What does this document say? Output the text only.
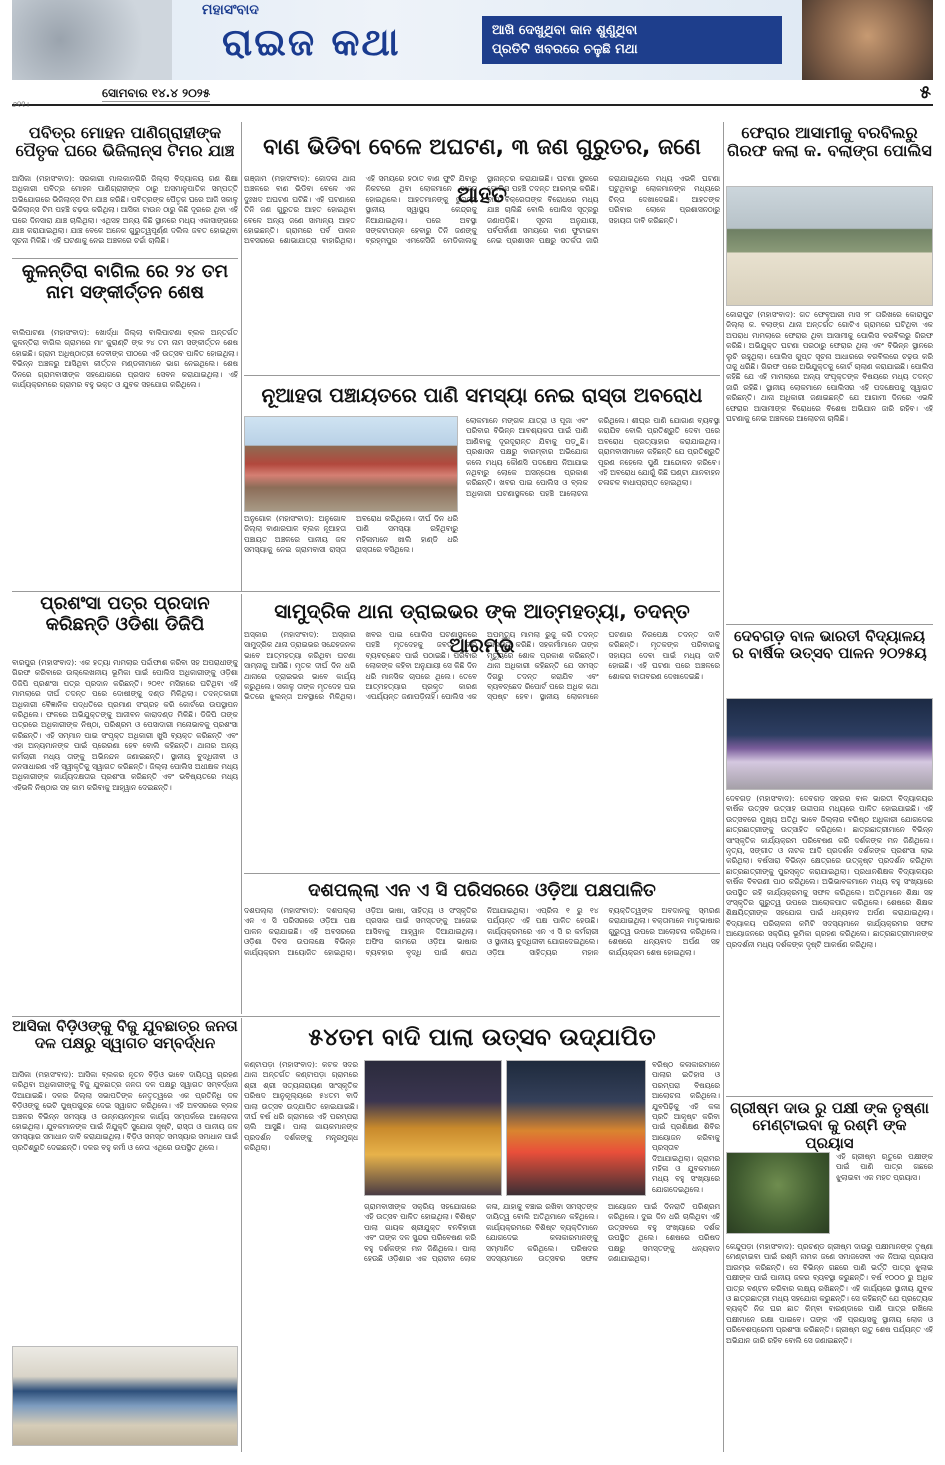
ମହାସଂବାଦ
ରାଇଜ କଥା	ଆଖି ଦେଖୁଥିବା କାନ ଶୁଣୁଥିବା
ପ୍ରତିଟି ଖବରରେ ଚଳୁଛି ମଥା
୬୧୧।
ସୋମବାର ୧୪.୪ ୨୦୨୫	୫
ପବିତ୍ର ମୋହନ ପାଣିଗ୍ରାହୀଙ୍କ ପୈତୃକ ଘରେ ଭିଜିଲାନ୍ସ ଟିମର ଯାଞ୍ଚ
ଆସିକା (ମହାସଂବାଦ): ସରକାରୀ ମାଲକାନଗିରି ଜିଲ୍ଲା ବିଦ୍ୟାଳୟ ଗଣ ଶିକ୍ଷା ଅଧିକାରୀ ପବିତ୍ର ମୋହନ ପାଣିଗ୍ରାହୀଙ୍କ ଠାରୁ ଅସମାନୁପାତିକ ସମ୍ପତ୍ତି ଅଭିଯୋଗରେ ଭିଜିଲାନ୍ସ ଟିମ ଯାଞ୍ଚ କରିଛି। ପବିତ୍ରଙ୍କ ପୈତୃକ ଘରେ ଆଜି ସକାଳୁ ଭିଜିଲାନ୍ସ ଟିମ ପହଞ୍ଚି ଚଢ଼ଉ କରିଥିଲା। ଆସିକା ଟାଉନ ଠାରୁ କିଛି ଦୂରରେ ଥିବା ଏହି ଘରେ ଦିନସାରା ଯାଞ୍ଚ ଚାଲିଥିଲା। ଏଥିସହ ଅନ୍ୟ କିଛି ସ୍ଥାନରେ ମଧ୍ୟ ଏକାସାଙ୍ଗରେ ଯାଞ୍ଚ କରାଯାଇଥିଲା। ଯାଞ୍ଚ ବେଳେ ଅନେକ ଗୁରୁତ୍ୱପୂର୍ଣ୍ଣ ଦଲିଲ ଜବତ ହୋଇଥିବା ସୂଚନା ମିଳିଛି। ଏହି ଘଟଣାକୁ ନେଇ ଅଞ୍ଚଳରେ ଚର୍ଚ୍ଚା ଚାଲିଛି।
ବାଣ ଭିଡିବା ବେଳେ ଅଘଟଣ, ୩ ଜଣ ଗୁରୁତର, ଜଣେ ଆହତ
ଗଞ୍ଜାମ (ମହାସଂବାଦ): କୋଦଳା ଥାନା ଅଞ୍ଚଳରେ ବାଣ ଭିଡିବା ବେଳେ ଏକ ଦୁଃଖଦ ଅଘଟଣ ଘଟିଛି। ଏହି ଘଟଣାରେ ତିନି ଜଣ ଗୁରୁତର ଆହତ ହୋଇଥିବା ବେଳେ ଅନ୍ୟ ଜଣେ ସାମାନ୍ୟ ଆହତ ହୋଇଛନ୍ତି। ଗ୍ରାମରେ ପର୍ବ ପାଳନ ଅବସରରେ ଶୋଭାଯାତ୍ରା ବାହାରିଥିଲା। ଏହି ସମୟରେ ହଠାତ ବାଣ ଫୁଟି ଯିବାରୁ ନିକଟରେ ଥିବା ଲୋକମାନେ ଆହତ ହୋଇଥିଲେ। ଆହତମାନଙ୍କୁ ତୁରନ୍ତ ସ୍ଥାନୀୟ ସ୍ୱାସ୍ଥ୍ୟ କେନ୍ଦ୍ରକୁ ନିଆଯାଇଥିଲା। ପରେ ଅବସ୍ଥା ସଙ୍କଟାପନ୍ନ ହେବାରୁ ତିନି ଜଣଙ୍କୁ ବ୍ରହ୍ମପୁର ଏମକେସିଜି ମେଡିକାଲକୁ ସ୍ଥାନାନ୍ତର କରାଯାଇଛି। ଘଟଣା ସ୍ଥଳରେ ପୋଲିସ ପହଞ୍ଚି ତଦନ୍ତ ଆରମ୍ଭ କରିଛି। ବାଣ ବିକ୍ରେତାଙ୍କ ବିରୋଧରେ ମଧ୍ୟ ଯାଞ୍ଚ ଚାଲିଛି ବୋଲି ପୋଲିସ ସୂତ୍ରରୁ ଜଣାପଡ଼ିଛି। ସୂଚନା ଅନୁଯାୟୀ, ପର୍ବପର୍ବାଣୀ ସମୟରେ ବାଣ ଫୁଟାଇବା ନେଇ ପ୍ରଶାସନ ପକ୍ଷରୁ ସତର୍କତା ଜାରି କରାଯାଇଥିଲେ ମଧ୍ୟ ଏଭଳି ଘଟଣା ଘଟୁଥିବାରୁ ଲୋକମାନଙ୍କ ମଧ୍ୟରେ ଚିନ୍ତା ଦେଖାଦେଇଛି। ଆହତଙ୍କ ପରିବାର ଲୋକେ ପ୍ରଶାସନଠାରୁ ସହାୟତା ଦାବି କରିଛନ୍ତି।
ଫେରାର ଆସାମୀକୁ ବରବିଲରୁ ଗିରଫ କଲା କ. ବଲାଙ୍ଗ ପୋଲିସ
କୋରାପୁଟ (ମହାସଂବାଦ): ଗତ ଫେବୃଆରୀ ମାସ ୨୮ ତାରିଖରେ କୋରାପୁଟ ଜିଲ୍ଲା କ. ବଲାଙ୍ଗ ଥାନା ଅନ୍ତର୍ଗତ ଗୋଟିଏ ଗ୍ରାମରେ ଘଟିଥିବା ଏକ ଅପରାଧ ମାମଲାରେ ଫେରାର ଥିବା ଆସାମୀକୁ ପୋଲିସ ବରବିଲରୁ ଗିରଫ କରିଛି। ଅଭିଯୁକ୍ତ ଘଟଣା ପରଠାରୁ ଫେରାର ଥିଲା ଏବଂ ବିଭିନ୍ନ ସ୍ଥାନରେ ଲୁଚି ରହୁଥିଲା। ପୋଲିସ ଗୁପ୍ତ ସୂଚନା ଆଧାରରେ ବରବିଲରେ ଚଢ଼ଉ କରି ତାକୁ ଧରିଛି। ଗିରଫ ପରେ ଅଭିଯୁକ୍ତକୁ କୋର୍ଟ ଚାଲାଣ କରାଯାଇଛି। ପୋଲିସ କହିଛି ଯେ ଏହି ମାମଲାରେ ଅନ୍ୟ ସଂପୃକ୍ତଙ୍କ ବିଷୟରେ ମଧ୍ୟ ତଦନ୍ତ ଜାରି ରହିଛି। ସ୍ଥାନୀୟ ଲୋକମାନେ ପୋଲିସର ଏହି ପଦକ୍ଷେପକୁ ସ୍ୱାଗତ କରିଛନ୍ତି। ଥାନା ଅଧିକାରୀ ଜଣାଇଛନ୍ତି ଯେ ଆଗାମୀ ଦିନରେ ଏଭଳି ଫେରାର ଆସାମୀଙ୍କ ବିରୋଧରେ ବିଶେଷ ଅଭିଯାନ ଜାରି ରହିବ। ଏହି ଘଟଣାକୁ ନେଇ ଅଞ୍ଚଳରେ ଆଲୋଚନା ଚାଲିଛି।
କୁଳନ୍ତିରା ବାଗିଲ ରେ ୨୪ ତମ ନାମ ସଙ୍କୀର୍ତ୍ତନ ଶେଷ
ବାଲିପାଟଣା (ମହାସଂବାଦ): ଖୋର୍ଦ୍ଧା ଜିଲ୍ଲା ବାଲିପାଟଣା ବ୍ଲକ ଅନ୍ତର୍ଗତ କୁଳନ୍ତିରା ବାଗିଲ ଗ୍ରାମରେ ମା' କୁରାଣ୍ଟି ଙ୍କ ୨୪ ତମ ନାମ ସଙ୍କୀର୍ତ୍ତନ ଶେଷ ହୋଇଛି। ଗ୍ରାମ ଅଧିଷ୍ଠାତ୍ରୀ ଦେବୀଙ୍କ ପୀଠରେ ଏହି ଉତ୍ସବ ପାଳିତ ହୋଇଥିଲା। ବିଭିନ୍ନ ଅଞ୍ଚଳରୁ ଆସିଥିବା କୀର୍ତ୍ତନ ମଣ୍ଡଳୀମାନେ ଭାଗ ନେଇଥିଲେ। ଶେଷ ଦିନରେ ଗ୍ରାମବାସୀଙ୍କ ସହଯୋଗରେ ପ୍ରସାଦ ସେବନ କରାଯାଇଥିଲା। ଏହି କାର୍ଯ୍ୟକ୍ରମରେ ଗ୍ରାମର ବହୁ ଭକ୍ତ ଓ ଯୁବକ ସହଯୋଗ କରିଥିଲେ।	ନୂଆହତା ପଞ୍ଚାୟତରେ ପାଣି ସମସ୍ୟା ନେଇ ରାସ୍ତା ଅବରୋଧ
ଅନୁଗୋଳ (ମହାସଂବାଦ): ଅନୁଗୋଳ ଜିଲ୍ଲା ବାଣାରପାଳ ବ୍ଲକ ନୂଆହତା ପଞ୍ଚାୟତ ଅଞ୍ଚଳରେ ପାନୀୟ ଜଳ ସମସ୍ୟାକୁ ନେଇ ଗ୍ରାମବାସୀ ରାସ୍ତା ଅବରୋଧ କରିଥିଲେ। ଦୀର୍ଘ ଦିନ ଧରି ପାଣି ସମସ୍ୟା ରହିଥିବାରୁ ମହିଳାମାନେ ଖାଲି ହାଣ୍ଡି ଧରି ରାସ୍ତାରେ ବସିଥିଲେ।
ଲୋକମାନେ ମଙ୍ଗଳ ଯାତ୍ରା ଓ ପୂଜା ଏବଂ ପରିବାର ବିଭିନ୍ନ ଆବଶ୍ୟକତା ପାଇଁ ପାଣି ଆଣିବାକୁ ଦୂରଦୂରାନ୍ତ ଯିବାକୁ ପଡ଼ୁଛି। ପ୍ରଶାସନ ପକ୍ଷରୁ ବାରମ୍ବାର ଅଭିଯୋଗ କଲେ ମଧ୍ୟ କୌଣସି ପଦକ୍ଷେପ ନିଆଯାଇ ନଥିବାରୁ ଲୋକେ ଅସନ୍ତୋଷ ପ୍ରକାଶ କରିଛନ୍ତି। ଖବର ପାଇ ପୋଲିସ ଓ ବ୍ଲକ ଅଧିକାରୀ ଘଟଣାସ୍ଥଳରେ ପହଞ୍ଚି ଆଲୋଚନା କରିଥିଲେ। ଶୀଘ୍ର ପାଣି ଯୋଗାଣ ବ୍ୟବସ୍ଥା କରାଯିବ ବୋଲି ପ୍ରତିଶ୍ରୁତି ଦେବା ପରେ ଅବରୋଧ ପ୍ରତ୍ୟାହାର କରାଯାଇଥିଲା। ଗ୍ରାମବାସୀମାନେ କହିଛନ୍ତି ଯେ ପ୍ରତିଶ୍ରୁତି ପୂରଣ ନହେଲେ ପୁଣି ଆନ୍ଦୋଳନ କରିବେ। ଏହି ଅବରୋଧ ଯୋଗୁଁ କିଛି ଘଣ୍ଟା ଯାନବାହନ ଚଳାଚଳ ବାଧାପ୍ରାପ୍ତ ହୋଇଥିଲା।
ପ୍ରଶଂସା ପତ୍ର ପ୍ରଦାନ କରିଛନ୍ତି ଓଡିଶା ଡିଜିପି
ବାରପୁର (ମହାସଂବାଦ): ଏକ ହତ୍ୟା ମାମଲାର ପର୍ଦ୍ଦାଫାଶ କରିବା ସହ ଅପରାଧୀଙ୍କୁ ଗିରଫ କରିବାରେ ଉଲ୍ଲେଖନୀୟ ଭୂମିକା ପାଇଁ ପୋଲିସ ଅଧିକାରୀଙ୍କୁ ଓଡ଼ିଶା ଡିଜିପି ପ୍ରଶଂସା ପତ୍ର ପ୍ରଦାନ କରିଛନ୍ତି। ୨୦୧୯ ମସିହାରେ ଘଟିଥିବା ଏହି ମାମଲାରେ ଦୀର୍ଘ ତଦନ୍ତ ପରେ ଦୋଷୀଙ୍କୁ ଦଣ୍ଡ ମିଳିଥିଲା। ତଦନ୍ତକାରୀ ଅଧିକାରୀ ବୈଜ୍ଞାନିକ ପଦ୍ଧତିରେ ପ୍ରମାଣ ସଂଗ୍ରହ କରି କୋର୍ଟରେ ଉପସ୍ଥାପନ କରିଥିଲେ। ଫଳରେ ଅଭିଯୁକ୍ତଙ୍କୁ ଆଜୀବନ କାରାଦଣ୍ଡ ମିଳିଛି। ଡିଜିପି ତାଙ୍କ ପତ୍ରରେ ଅଧିକାରୀଙ୍କ ନିଷ୍ଠା, ପରିଶ୍ରମ ଓ ପେସାଦାରୀ ମନୋଭାବକୁ ପ୍ରଶଂସା କରିଛନ୍ତି। ଏହି ସମ୍ମାନ ପାଇ ସଂପୃକ୍ତ ଅଧିକାରୀ ଖୁସି ବ୍ୟକ୍ତ କରିଛନ୍ତି ଏବଂ ଏହା ଅନ୍ୟମାନଙ୍କ ପାଇଁ ପ୍ରେରଣା ହେବ ବୋଲି କହିଛନ୍ତି। ଥାନାର ଅନ୍ୟ କର୍ମଚାରୀ ମଧ୍ୟ ତାଙ୍କୁ ଅଭିନନ୍ଦନ ଜଣାଇଛନ୍ତି। ସ୍ଥାନୀୟ ବୁଦ୍ଧିଜୀବୀ ଓ ଜନସାଧାରଣ ଏହି ସ୍ୱୀକୃତିକୁ ସ୍ୱାଗତ କରିଛନ୍ତି। ଜିଲ୍ଲା ପୋଲିସ ଅଧୀକ୍ଷକ ମଧ୍ୟ ଅଧିକାରୀଙ୍କ କାର୍ଯ୍ୟଦକ୍ଷତାର ପ୍ରଶଂସା କରିଛନ୍ତି ଏବଂ ଭବିଷ୍ୟତରେ ମଧ୍ୟ ଏହିଭଳି ନିଷ୍ଠାର ସହ କାମ କରିବାକୁ ଆହ୍ୱାନ ଦେଇଛନ୍ତି।
ସାମୁଦ୍ରିକ ଥାନା ଡ୍ରାଇଭର ଙ୍କ ଆତ୍ମହତ୍ୟା, ତଦନ୍ତ ଆରମ୍ଭ
ଅସ୍କାର (ମହାସଂବାଦ): ଅସ୍କାର ସାମୁଦ୍ରିକ ଥାନା ଡ୍ରାଇଭର ସନ୍ଦେହଜନକ ଭାବେ ଆତ୍ମହତ୍ୟା କରିଥିବା ଘଟଣା ସାମ୍ନାକୁ ଆସିଛି। ମୃତକ ଦୀର୍ଘ ଦିନ ଧରି ଥାନାରେ ଡ୍ରାଇଭର ଭାବେ କାର୍ଯ୍ୟ କରୁଥିଲେ। ସକାଳୁ ତାଙ୍କ ମୃତଦେହ ଘର ଭିତରେ ଝୁଲନ୍ତା ଅବସ୍ଥାରେ ମିଳିଥିଲା। ଖବର ପାଇ ପୋଲିସ ଘଟଣାସ୍ଥଳରେ ପହଞ୍ଚି ମୃତଦେହକୁ ଜବତ କରି ବ୍ୟବଚ୍ଛେଦ ପାଇଁ ପଠାଇଛି। ପରିବାର ଲୋକଙ୍କ କହିବା ଅନୁଯାୟୀ ସେ କିଛି ଦିନ ଧରି ମାନସିକ ଚାପରେ ଥିଲେ। ତେବେ ଆତ୍ମହତ୍ୟାର ପ୍ରକୃତ କାରଣ ଏପର୍ଯ୍ୟନ୍ତ ଜଣାପଡ଼ିନାହିଁ। ପୋଲିସ ଏକ ଅପମୃତ୍ୟୁ ମାମଲା ରୁଜୁ କରି ତଦନ୍ତ ଆରମ୍ଭ କରିଛି। ସହକର୍ମୀମାନେ ତାଙ୍କ ମୃତ୍ୟୁରେ ଶୋକ ପ୍ରକାଶ କରିଛନ୍ତି। ଥାନା ଅଧିକାରୀ କହିଛନ୍ତି ଯେ ସମସ୍ତ ଦିଗରୁ ତଦନ୍ତ କରାଯିବ ଏବଂ ବ୍ୟବଚ୍ଛେଦ ରିପୋର୍ଟ ପରେ ଅଧିକ କଥା ସ୍ପଷ୍ଟ ହେବ। ସ୍ଥାନୀୟ ଲୋକମାନେ ଘଟଣାର ନିରପେକ୍ଷ ତଦନ୍ତ ଦାବି କରିଛନ୍ତି। ମୃତକଙ୍କ ପରିବାରକୁ ସହାୟତା ଦେବା ପାଇଁ ମଧ୍ୟ ଦାବି ହୋଇଛି। ଏହି ଘଟଣା ପରେ ଅଞ୍ଚଳରେ ଶୋକର ବାତାବରଣ ଦେଖାଦେଇଛି।
ଦେବଗଡ଼ ବାଳ ଭାରତୀ ବିଦ୍ୟାଳୟ ର ବାର୍ଷିକ ଉତ୍ସବ ପାଳନ ୨୦୨୫ୟ
ଦେବଗଡ଼ (ମହାସଂବାଦ): ଦେବଗଡ଼ ସହରର ବାଳ ଭାରତୀ ବିଦ୍ୟାଳୟର ବାର୍ଷିକ ଉତ୍ସବ ଉତ୍ସାହ ଉଦ୍ଦୀପନା ମଧ୍ୟରେ ପାଳିତ ହୋଇଯାଇଛି। ଏହି ଉତ୍ସବରେ ମୁଖ୍ୟ ଅତିଥି ଭାବେ ଜିଲ୍ଲାର ବରିଷ୍ଠ ଅଧିକାରୀ ଯୋଗଦେଇ ଛାତ୍ରଛାତ୍ରୀଙ୍କୁ ଉତ୍ସାହିତ କରିଥିଲେ। ଛାତ୍ରଛାତ୍ରୀମାନେ ବିଭିନ୍ନ ସାଂସ୍କୃତିକ କାର୍ଯ୍ୟକ୍ରମ ପରିବେଷଣ କରି ଦର୍ଶକଙ୍କ ମନ ଜିଣିଥିଲେ। ନୃତ୍ୟ, ସଙ୍ଗୀତ ଓ ନାଟକ ଆଦି ପ୍ରଦର୍ଶନ ଦର୍ଶକଙ୍କ ପ୍ରଶଂସା ଲାଭ କରିଥିଲା। ବର୍ଷସାରା ବିଭିନ୍ନ କ୍ଷେତ୍ରରେ ଉତ୍କୃଷ୍ଟ ପ୍ରଦର୍ଶନ କରିଥିବା ଛାତ୍ରଛାତ୍ରୀଙ୍କୁ ପୁରସ୍କୃତ କରାଯାଇଥିଲା। ପ୍ରଧାନଶିକ୍ଷକ ବିଦ୍ୟାଳୟର ବାର୍ଷିକ ବିବରଣୀ ପାଠ କରିଥିଲେ। ଅଭିଭାବକମାନେ ମଧ୍ୟ ବହୁ ସଂଖ୍ୟାରେ ଉପସ୍ଥିତ ରହି କାର୍ଯ୍ୟକ୍ରମକୁ ସଫଳ କରିଥିଲେ। ଅତିଥିମାନେ ଶିକ୍ଷା ସହ ସଂସ୍କୃତିର ଗୁରୁତ୍ୱ ଉପରେ ଆଲୋକପାତ କରିଥିଲେ। ଶେଷରେ ଶିକ୍ଷକ ଶିକ୍ଷୟିତ୍ରୀଙ୍କ ସହଯୋଗ ପାଇଁ ଧନ୍ୟବାଦ ଅର୍ପଣ କରାଯାଇଥିଲା। ବିଦ୍ୟାଳୟ ପରିଚାଳନା କମିଟି ସଦସ୍ୟମାନେ କାର୍ଯ୍ୟକ୍ରମର ସଫଳ ଆୟୋଜନରେ ସକ୍ରିୟ ଭୂମିକା ଗ୍ରହଣ କରିଥିଲେ। ଛାତ୍ରଛାତ୍ରୀମାନଙ୍କ ପ୍ରଦର୍ଶନୀ ମଧ୍ୟ ଦର୍ଶକଙ୍କ ଦୃଷ୍ଟି ଆକର୍ଷଣ କରିଥିଲା।
ଦଶପଲ୍ଲା ଏନ ଏ ସି ପରିସରରେ ଓଡ଼ିଆ ପକ୍ଷପାଳିତ
ଦଶପଲ୍ଲା (ମହାସଂବାଦ): ଦଶପଲ୍ଲା ଏନ ଏ ସି ପରିସରରେ ଓଡ଼ିଆ ପକ୍ଷ ପାଳନ କରାଯାଇଛି। ଏହି ଅବସରରେ ଓଡ଼ିଶା ଦିବସ ଉପଲକ୍ଷେ ବିଭିନ୍ନ କାର୍ଯ୍ୟକ୍ରମ ଆୟୋଜିତ ହୋଇଥିଲା। ଓଡ଼ିଆ ଭାଷା, ସାହିତ୍ୟ ଓ ସଂସ୍କୃତିର ପ୍ରସାର ପାଇଁ ସମସ୍ତଙ୍କୁ ଆଗେଇ ଆସିବାକୁ ଆହ୍ୱାନ ଦିଆଯାଇଥିଲା। ଅଫିସ କାମରେ ଓଡ଼ିଆ ଭାଷାର ବ୍ୟବହାର ବୃଦ୍ଧି ପାଇଁ ଶପଥ ନିଆଯାଇଥିଲା। ଏପ୍ରିଲ ୧ ରୁ ୧୪ ପର୍ଯ୍ୟନ୍ତ ଏହି ପକ୍ଷ ପାଳିତ ହେଉଛି। କାର୍ଯ୍ୟକ୍ରମରେ ଏନ ଏ ସି ର କର୍ମଚାରୀ ଓ ସ୍ଥାନୀୟ ବୁଦ୍ଧିଜୀବୀ ଯୋଗଦେଇଥିଲେ। ଓଡ଼ିଆ ସାହିତ୍ୟର ମହାନ ବ୍ୟକ୍ତିତ୍ୱଙ୍କ ଅବଦାନକୁ ସ୍ମରଣ କରାଯାଇଥିଲା। ବକ୍ତାମାନେ ମାତୃଭାଷାର ଗୁରୁତ୍ୱ ଉପରେ ଆଲୋଚନା କରିଥିଲେ। ଶେଷରେ ଧନ୍ୟବାଦ ଅର୍ପଣ ସହ କାର୍ଯ୍ୟକ୍ରମ ଶେଷ ହୋଇଥିଲା।
୫୪ତମ ବାଦି ପାଲା ଉତ୍ସବ ଉଦ୍‌ଯାପିତ
କଣ୍ଟାପଡ଼ା (ମହାସଂବାଦ): କଟକ ସଦର ଥାନା ଅନ୍ତର୍ଗତ କଣ୍ଟାପଡ଼ା ଗ୍ରାମରେ ଶ୍ରୀ ଶ୍ରୀ ସତ୍ୟନାରାୟଣ ସାଂସ୍କୃତିକ ପରିଷଦ ଆନୁକୂଲ୍ୟରେ ୫୪ତମ ବାଦି ପାଲା ଉତ୍ସବ ଉଦ୍‌ଯାପିତ ହୋଇଯାଇଛି। ଦୀର୍ଘ ବର୍ଷ ଧରି ଗ୍ରାମରେ ଏହି ପରମ୍ପରା ଚାଲି ଆସୁଛି। ପାଲା ଗାୟକମାନଙ୍କ ପ୍ରଦର୍ଶନ ଦର୍ଶକଙ୍କୁ ମନ୍ତ୍ରମୁଗ୍ଧ କରିଥିଲା।
ଗ୍ରାମବାସୀଙ୍କ ସକ୍ରିୟ ସହଯୋଗରେ ଏହି ଉତ୍ସବ ପାଳିତ ହୋଇଥିଲା। ବିଶିଷ୍ଟ ପାଲା ଗାୟକ ଶ୍ରୀଯୁକ୍ତ ବନବିହାରୀ ଏବଂ ତାଙ୍କ ଦଳ ସୁନ୍ଦର ପରିବେଷଣ କରି ବହୁ ଦର୍ଶକଙ୍କ ମନ ଜିଣିଥିଲେ। ପାଲା ହେଉଛି ଓଡ଼ିଶାର ଏକ ପ୍ରାଚୀନ ଲୋକ କଳା, ଯାହାକୁ ବଞ୍ଚାଇ ରଖିବା ସମସ୍ତଙ୍କ ଦାୟିତ୍ୱ ବୋଲି ଅତିଥିମାନେ କହିଥିଲେ। କାର୍ଯ୍ୟକ୍ରମରେ ବିଶିଷ୍ଟ ବ୍ୟକ୍ତିମାନେ ଯୋଗଦେଇ କଳାକାରମାନଙ୍କୁ ସମ୍ମାନିତ କରିଥିଲେ। ପରିଷଦର ସଦସ୍ୟମାନେ ଉତ୍ସବର ସଫଳ ଆୟୋଜନ ପାଇଁ ଦିନରାତି ପରିଶ୍ରମ କରିଥିଲେ। ଦୁଇ ଦିନ ଧରି ଚାଲିଥିବା ଏହି ଉତ୍ସବରେ ବହୁ ସଂଖ୍ୟାରେ ଦର୍ଶକ ଉପସ୍ଥିତ ଥିଲେ। ଶେଷରେ ପରିଷଦ ପକ୍ଷରୁ ସମସ୍ତଙ୍କୁ ଧନ୍ୟବାଦ ଜଣାଯାଇଥିଲା।
ବରିଷ୍ଠ କଳାକାରମାନେ ପାଲାର ଇତିହାସ ଓ ପରମ୍ପରା ବିଷୟରେ ଆଲୋଚନା କରିଥିଲେ। ଯୁବପିଢ଼ିକୁ ଏହି କଳା ପ୍ରତି ଆକୃଷ୍ଟ କରିବା ପାଇଁ ପ୍ରଶିକ୍ଷଣ ଶିବିର ଆୟୋଜନ କରିବାକୁ ପ୍ରସ୍ତାବ ଦିଆଯାଇଥିଲା। ଗ୍ରାମର ମହିଳା ଓ ଯୁବକମାନେ ମଧ୍ୟ ବହୁ ସଂଖ୍ୟାରେ ଯୋଗଦେଇଥିଲେ।
ଆସିକା ବିଡ଼ିଓଙ୍କୁ ବିଜୁ ଯୁବଛାତ୍ର ଜନତା ଦଳ ପକ୍ଷରୁ ସ୍ୱାଗତ ସମ୍ବର୍ଦ୍ଧନ
ଆସିକା (ମହାସଂବାଦ): ଆସିକା ବ୍ଲକର ନୂତନ ବିଡ଼ିଓ ଭାବେ ଦାୟିତ୍ୱ ଗ୍ରହଣ କରିଥିବା ଅଧିକାରୀଙ୍କୁ ବିଜୁ ଯୁବଛାତ୍ର ଜନତା ଦଳ ପକ୍ଷରୁ ସ୍ୱାଗତ ସମ୍ବର୍ଦ୍ଧନା ଦିଆଯାଇଛି। ଦଳର ଜିଲ୍ଲା ସଭାପତିଙ୍କ ନେତୃତ୍ୱରେ ଏକ ପ୍ରତିନିଧି ଦଳ ବିଡ଼ିଓଙ୍କୁ ଭେଟି ପୁଷ୍ପଗୁଚ୍ଛ ଦେଇ ସ୍ୱାଗତ କରିଥିଲେ। ଏହି ଅବସରରେ ବ୍ଲକ ଅଞ୍ଚଳର ବିଭିନ୍ନ ସମସ୍ୟା ଓ ଉନ୍ନୟନମୂଳକ କାର୍ଯ୍ୟ ସମ୍ପର୍କରେ ଆଲୋଚନା ହୋଇଥିଲା। ଯୁବକମାନଙ୍କ ପାଇଁ ନିଯୁକ୍ତି ସୁଯୋଗ ସୃଷ୍ଟି, ରାସ୍ତା ଓ ପାନୀୟ ଜଳ ସମସ୍ୟାର ସମାଧାନ ଦାବି କରାଯାଇଥିଲା। ବିଡ଼ିଓ ସମସ୍ତ ସମସ୍ୟାର ସମାଧାନ ପାଇଁ ପ୍ରତିଶ୍ରୁତି ଦେଇଛନ୍ତି। ଦଳର ବହୁ କର୍ମୀ ଓ ନେତା ଏଥିରେ ଉପସ୍ଥିତ ଥିଲେ।
ଗ୍ରୀଷ୍ମ ଦାଉ ରୁ ପକ୍ଷୀ ଙ୍କ ତୃଷ୍ଣା ମେଣ୍ଟାଇବା କୁ ରଶ୍ମି ଙ୍କ ପ୍ରୟାସ
ଏହି ଗ୍ରୀଷ୍ମ ଋତୁରେ ପକ୍ଷୀଙ୍କ ପାଇଁ ପାଣି ପାତ୍ର ଗଛରେ ଝୁଲାଇବା ଏକ ମହତ ପ୍ରୟାସ।
କେନ୍ଦୁପଡ଼ା (ମହାସଂବାଦ): ପ୍ରଚଣ୍ଡ ଗ୍ରୀଷ୍ମ ଦାଉରୁ ପକ୍ଷୀମାନଙ୍କ ତୃଷ୍ଣା ମେଣ୍ଟାଇବା ପାଇଁ ରଶ୍ମି ନାମକ ଜଣେ ସମାଜସେବୀ ଏକ ନିଆରା ପ୍ରୟାସ ଆରମ୍ଭ କରିଛନ୍ତି। ସେ ବିଭିନ୍ନ ଗଛରେ ପାଣି ଭର୍ତ୍ତି ପାତ୍ର ଝୁଲାଇ ପକ୍ଷୀଙ୍କ ପାଇଁ ପାନୀୟ ଜଳର ବ୍ୟବସ୍ଥା କରୁଛନ୍ତି। ବର୍ଷ ୧୦୦୦ ରୁ ଅଧିକ ପାତ୍ର ବଣ୍ଟନ କରିବାର ଲକ୍ଷ୍ୟ ରଖିଛନ୍ତି। ଏହି କାର୍ଯ୍ୟରେ ସ୍ଥାନୀୟ ଯୁବକ ଓ ଛାତ୍ରଛାତ୍ରୀ ମଧ୍ୟ ସହଯୋଗ କରୁଛନ୍ତି। ସେ କହିଛନ୍ତି ଯେ ପ୍ରତ୍ୟେକ ବ୍ୟକ୍ତି ନିଜ ଘର ଛାତ କିମ୍ବା ବାରଣ୍ଡାରେ ପାଣି ପାତ୍ର ରଖିଲେ ପକ୍ଷୀମାନେ ରକ୍ଷା ପାଇବେ। ତାଙ୍କ ଏହି ପ୍ରୟାସକୁ ସ୍ଥାନୀୟ ଲୋକ ଓ ପରିବେଶପ୍ରେମୀ ପ୍ରଶଂସା କରିଛନ୍ତି। ଗ୍ରୀଷ୍ମ ଋତୁ ଶେଷ ପର୍ଯ୍ୟନ୍ତ ଏହି ଅଭିଯାନ ଜାରି ରହିବ ବୋଲି ସେ ଜଣାଇଛନ୍ତି।
